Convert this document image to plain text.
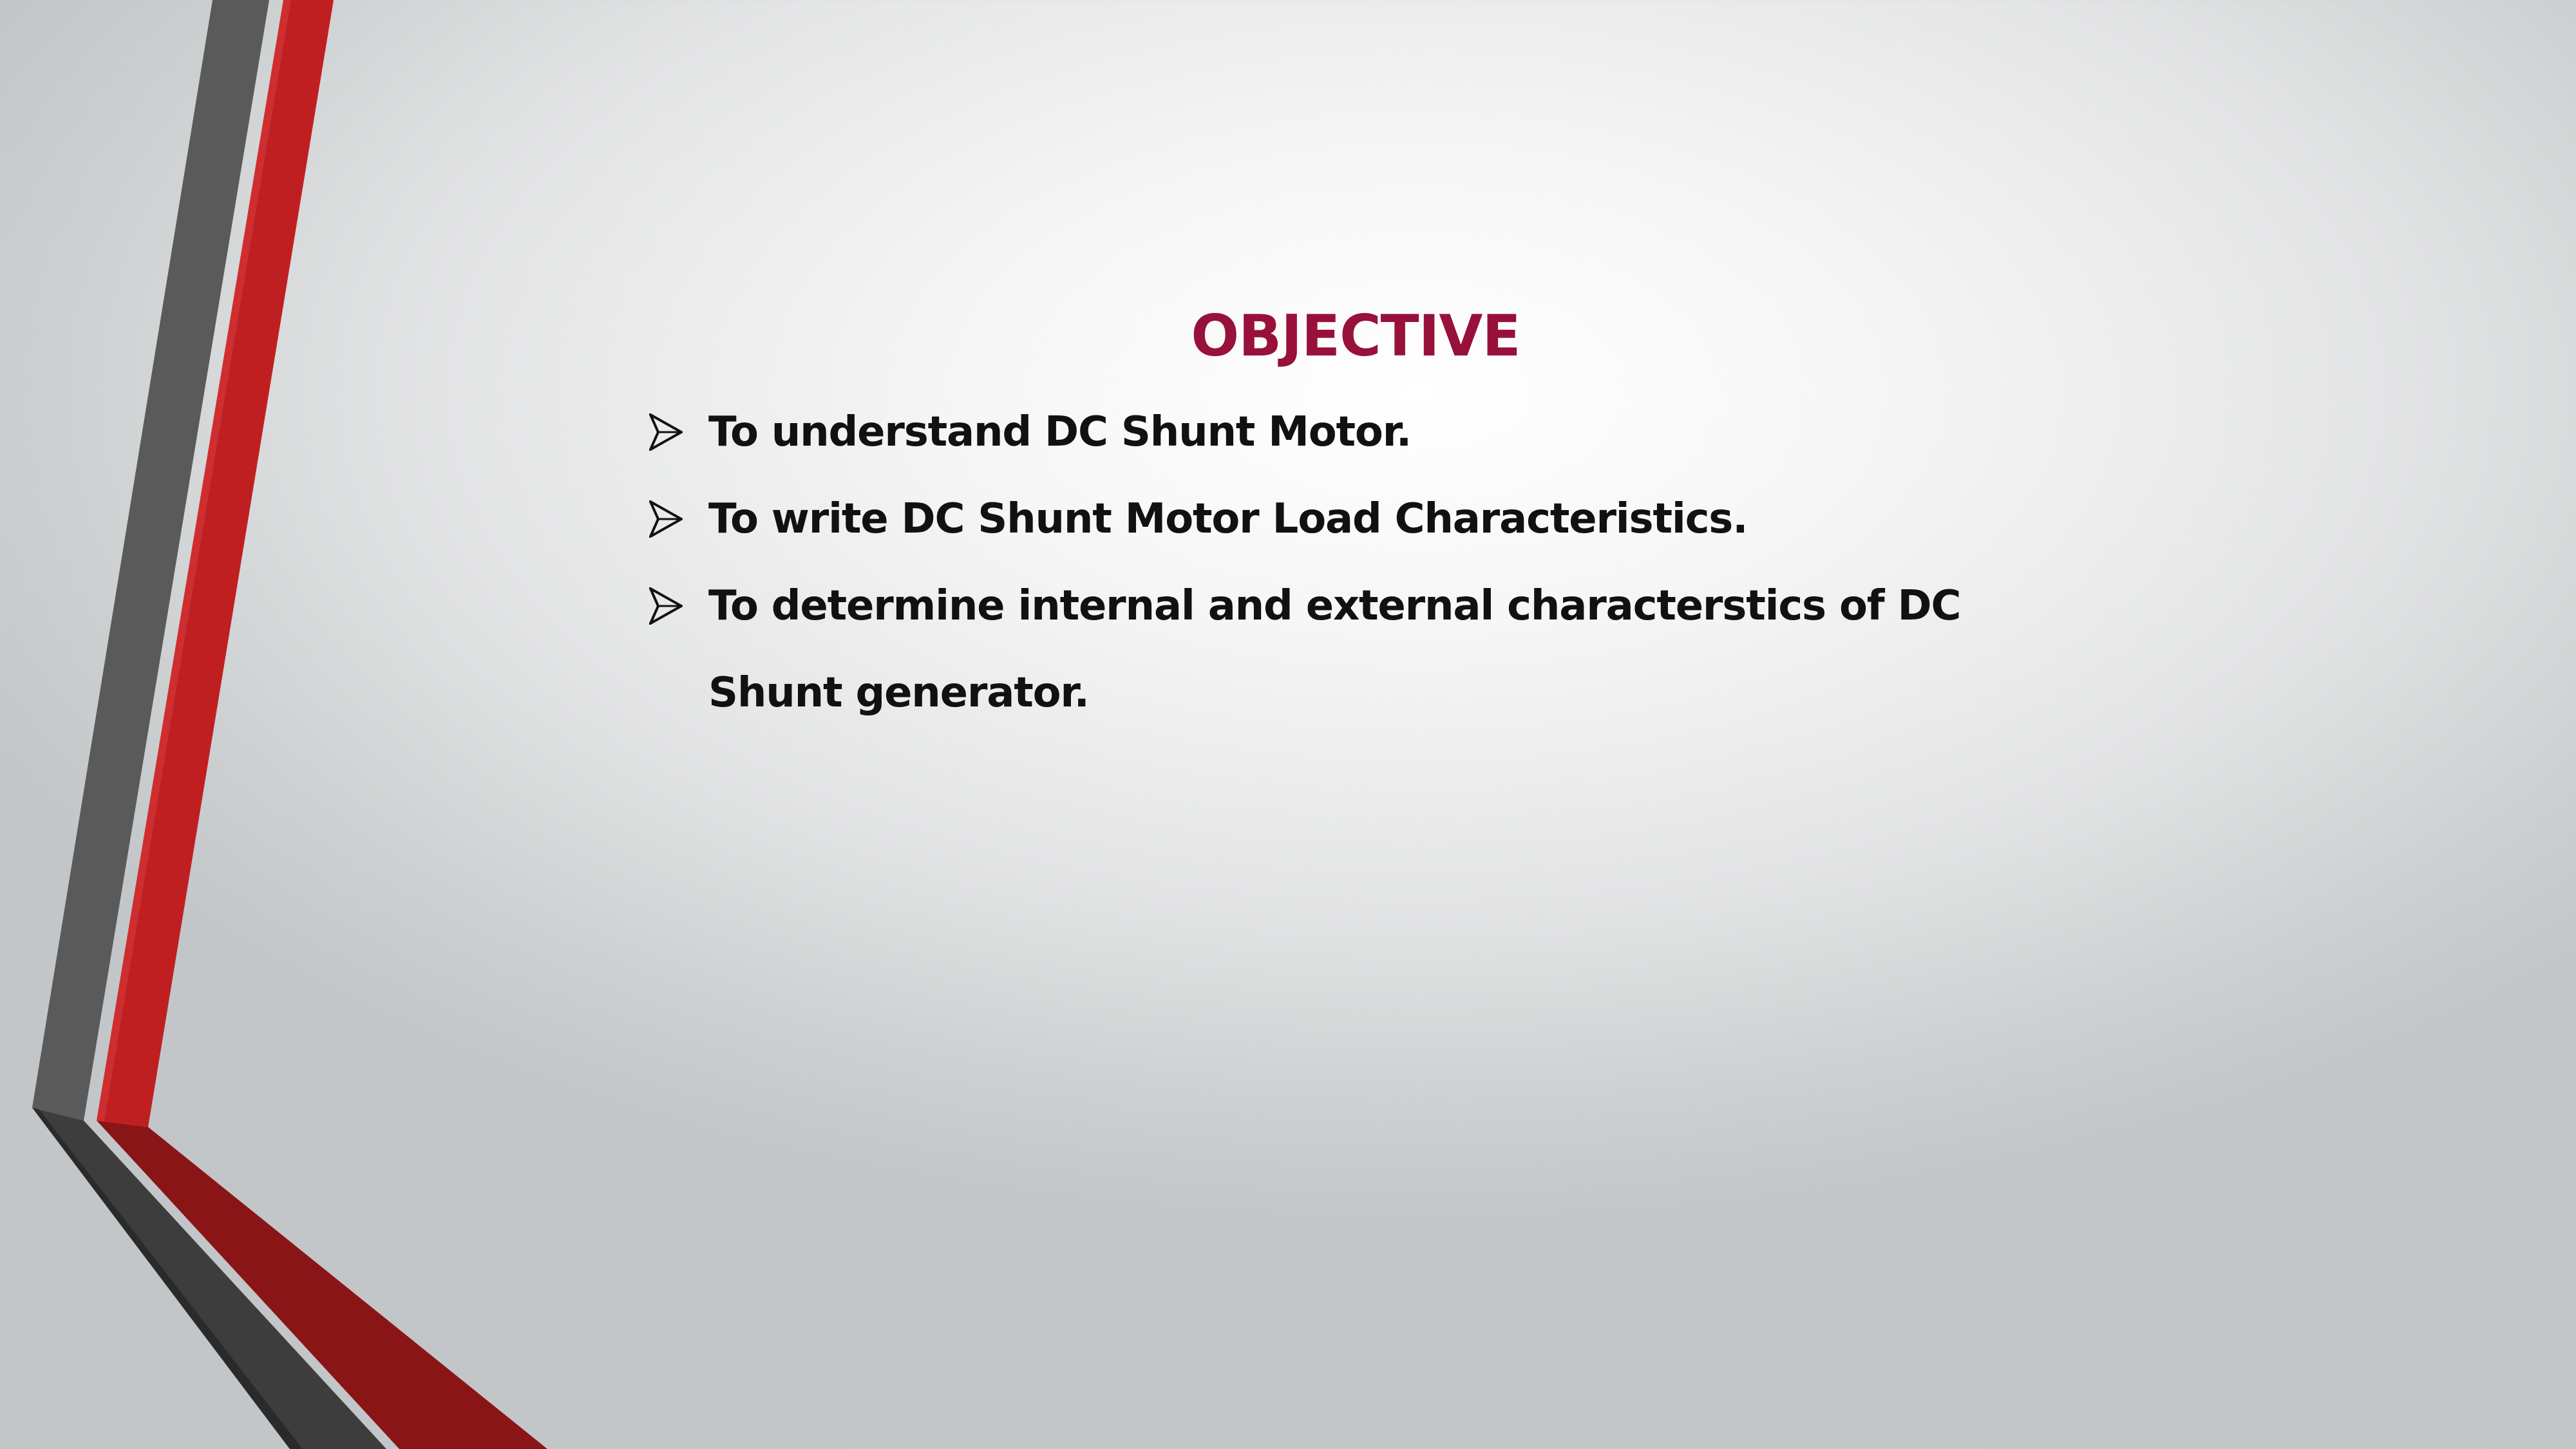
OBJECTIVE
To understand DC Shunt Motor.
To write DC Shunt Motor Load Characteristics.
To determine internal and external characterstics of DC Shunt generator.
